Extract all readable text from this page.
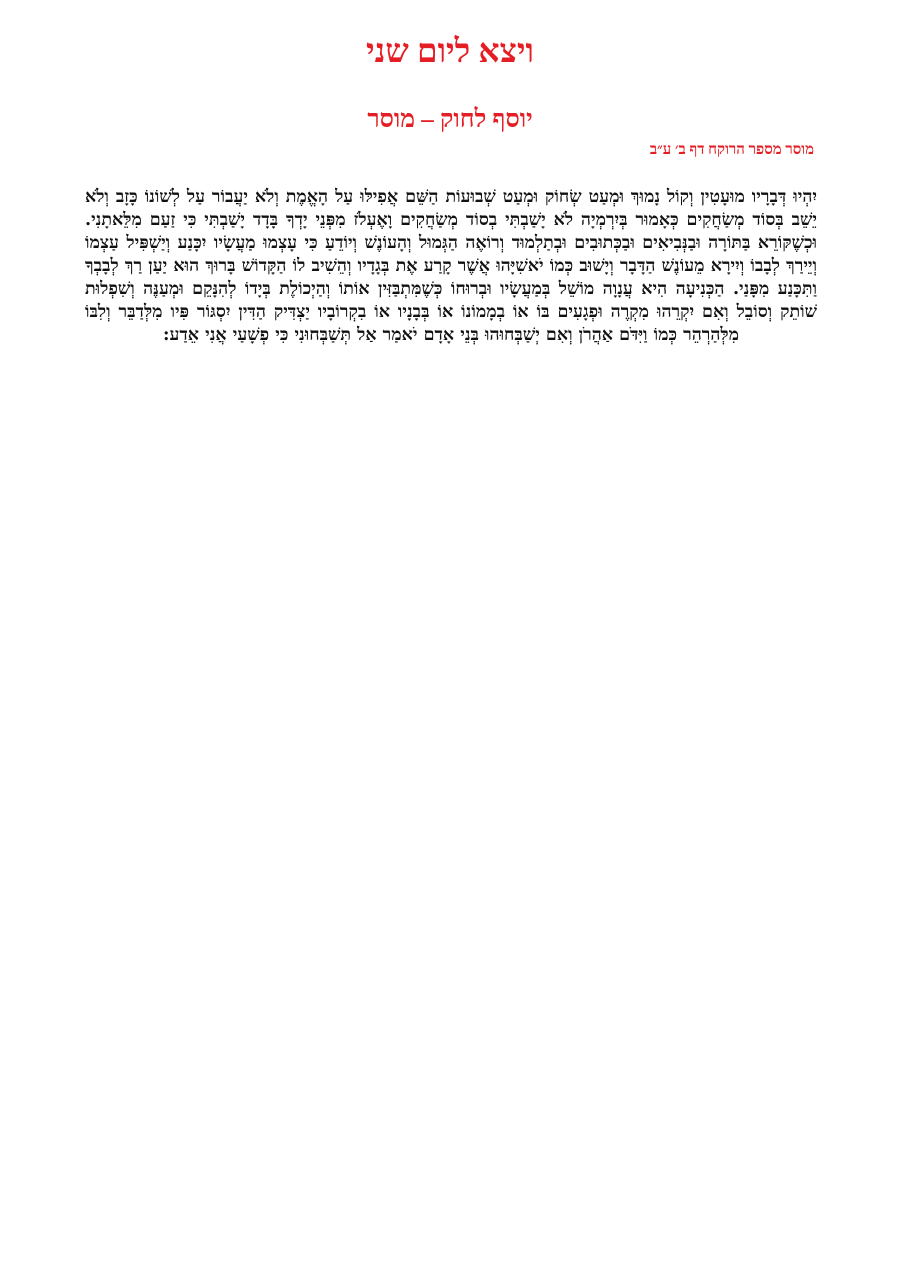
ויצא ליום שני
יוסף לחוק – מוסר

מוסר מספר הרוקח דף ב׳ ע״ב

יִהְיוּ דְּבָרָיו מוּעָטִין וְקוֹל נָמוּךְ וּמְעַט שְׂחוֹק וּמְעַט שְׁבוּעוֹת הַשֵּׁם אֲפִילּוּ עַל הָאֱמֶת וְלֹא יַעֲבוֹר עַל לְשׁוֹנוֹ כָּזָב וְלֹא יֵשֵׁב בְּסוֹד מְשַׂחֲקִים כְּאָמוּר בְּיִרְמְיָה לֹא יָשַׁבְתִּי בְסוֹד מְשַׂחֲקִים וָאֶעְלֹז מִפְּנֵי יָדְךָ בָּדָד יָשַׁבְתִּי כִּי זַעַם מִלֵּאתָנִי. וּכְשֶׁקּוֹרֵא בַּתּוֹרָה וּבַנְּבִיאִים וּבַכְּתוּבִים וּבְתַלְמוּד וְרוֹאֶה הַגְּמוּל וְהָעוֹנֶשׁ וְיוֹדֵעַ כִּי עָצְמוּ מַעֲשָׂיו יִכָּנַע וְיַשְׁפִּיל עַצְמוֹ וְיֵירַךְ לְבָבוֹ וְיִירָא מֵעוֹנֶשׁ הַדָּבָר וְיָשׁוּב כְּמוֹ יֹאשִׁיָּהוּ אֲשֶׁר קָרַע אֶת בְּגָדָיו וְהֵשִׁיב לוֹ הַקָּדוֹשׁ בָּרוּךְ הוּא יַעַן רַךְ לְבָבְךָ וַתִּכָּנַע מִפָּנַי. הַכְּנִיעָה הִיא עֲנָוָה מוֹשֵׁל בְּמַעֲשָׂיו וּבְרוּחוֹ כְּשֶׁמִּתְבַּזִּין אוֹתוֹ וְהַיְכוֹלֶת בְּיָדוֹ לְהִנָּקֵם וּמְעַנֶּה וְשִׁפְלוּת שׁוֹתֵק וְסוֹבֵל וְאִם יִקְרֵהוּ מִקְרֶה וּפְגָעִים בּוֹ אוֹ בְמָמוֹנוֹ אוֹ בְּבָנָיו אוֹ בִקְרוֹבָיו יַצְדִּיק הַדִּין יִסְגּוֹר פִּיו מִלְּדַבֵּר וְלִבּוֹ מִלְּהַרְהֵר כְּמוֹ וַיִּדֹּם אַהֲרֹן וְאִם יְשַׁבְּחוּהוּ בְּנֵי אָדָם יֹאמַר אַל תְּשַׁבְּחוּנִי כִּי פְשָׁעַי אֲנִי אֵדַע:
